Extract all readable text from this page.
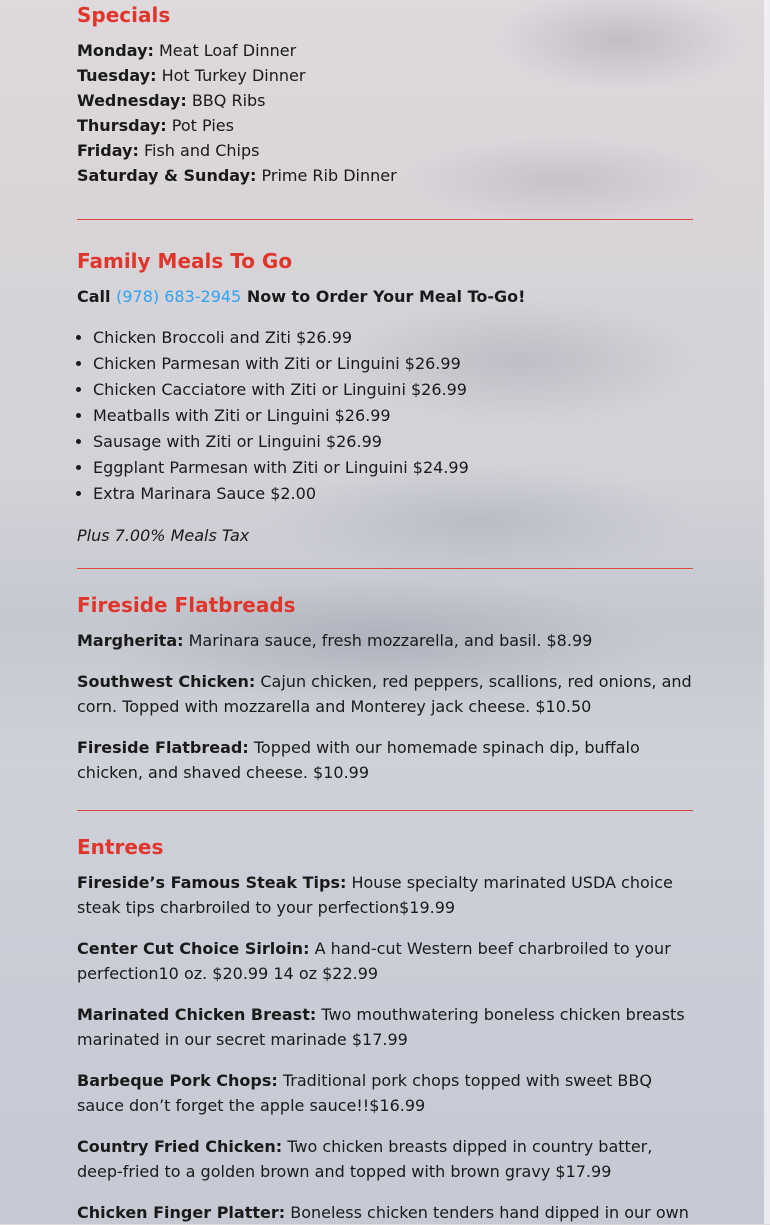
Specials

Monday: Meat Loaf Dinner

Tuesday: Hot Turkey Dinner

Wednesday: BBQ Ribs

Thursday: Pot Pies

Friday: Fish and Chips

Saturday & Sunday: Prime Rib Dinner

Family Meals To Go

Call (978) 683-2945 Now to Order Your Meal To-Go!

• Chicken Broccoli and Ziti $26.99
• Chicken Parmesan with Ziti or Linguini $26.99
• Chicken Cacciatore with Ziti or Linguini $26.99
• Meatballs with Ziti or Linguini $26.99
• Sausage with Ziti or Linguini $26.99
• Eggplant Parmesan with Ziti or Linguini $24.99
• Extra Marinara Sauce $2.00

Plus 7.00% Meals Tax

Fireside Flatbreads

Margherita: Marinara sauce, fresh mozzarella, and basil. $8.99

Southwest Chicken: Cajun chicken, red peppers, scallions, red onions, and corn. Topped with mozzarella and Monterey jack cheese. $10.50

Fireside Flatbread: Topped with our homemade spinach dip, buffalo chicken, and shaved cheese. $10.99

Entrees

Fireside’s Famous Steak Tips: House specialty marinated USDA choice steak tips charbroiled to your perfection$19.99

Center Cut Choice Sirloin: A hand-cut Western beef charbroiled to your perfection10 oz. $20.99 14 oz $22.99

Marinated Chicken Breast: Two mouthwatering boneless chicken breasts marinated in our secret marinade $17.99

Barbeque Pork Chops: Traditional pork chops topped with sweet BBQ sauce don’t forget the apple sauce!!$16.99

Country Fried Chicken: Two chicken breasts dipped in country batter, deep-fried to a golden brown and topped with brown gravy $17.99

Chicken Finger Platter: Boneless chicken tenders hand dipped in our own
